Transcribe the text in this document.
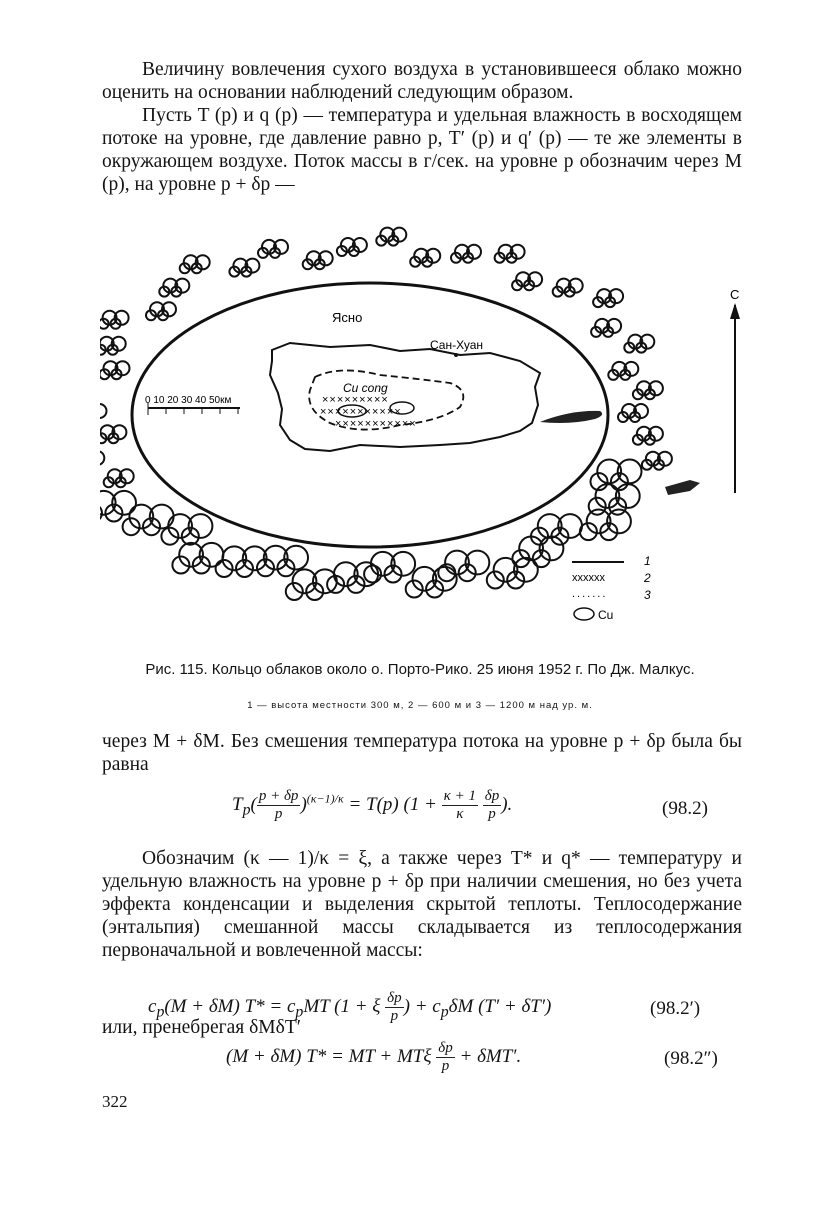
Величину вовлечения сухого воздуха в установившееся облако можно оценить на основании наблюдений следующим образом.

Пусть T (p) и q (p) — температура и удельная влажность в восходящем потоке на уровне, где давление равно p, T′ (p) и q′ (p) — те же элементы в окружающем воздухе. Поток массы в г/сек. на уровне p обозначим через M (p), на уровне p + δp —

Cu cong
×××××××××
×××××××××××
×××××××××××
Ясно
Сан-Хуан
0 10 20 30 40 50км
С
1
xxxxxx	2
.......	3
Cu
Рис. 115. Кольцо облаков около о. Порто-Рико. 25 июня 1952 г. По Дж. Малкус.
1 — высота местности 300 м, 2 — 600 м и 3 — 1200 м над ур. м.

через M + δM. Без смешения температура потока на уровне p + δp была бы равна

$T_p( \frac{p + \delta p}{p} )^{(\kappa-1)/\kappa} = T(p) (1 + \frac{\kappa + 1}{\kappa}$
$\frac{\delta p}{p}$ ).	(98.2)

Обозначим (κ — 1)/κ = ξ, а также через T* и q* — температуру и удельную влажность на уровне p + δp при наличии смешения, но без учета эффекта конденсации и выделения скрытой теплоты. Теплосодержание (энтальпия) смешанной массы складывается из теплосодержания первоначальной и вовлеченной массы:

$c_p(M + \delta M) T* = c_pMT$ (1 + ξ $\frac{\delta p}{p}$ ) + $c_p\delta M$ (T′ + δT′)	(98.2′)

или, пренебрегая δMδT′

(M + δM) T* = MT + MTξ $\frac{\delta p}{p} + \delta MT'$.	(98.2″)
322
